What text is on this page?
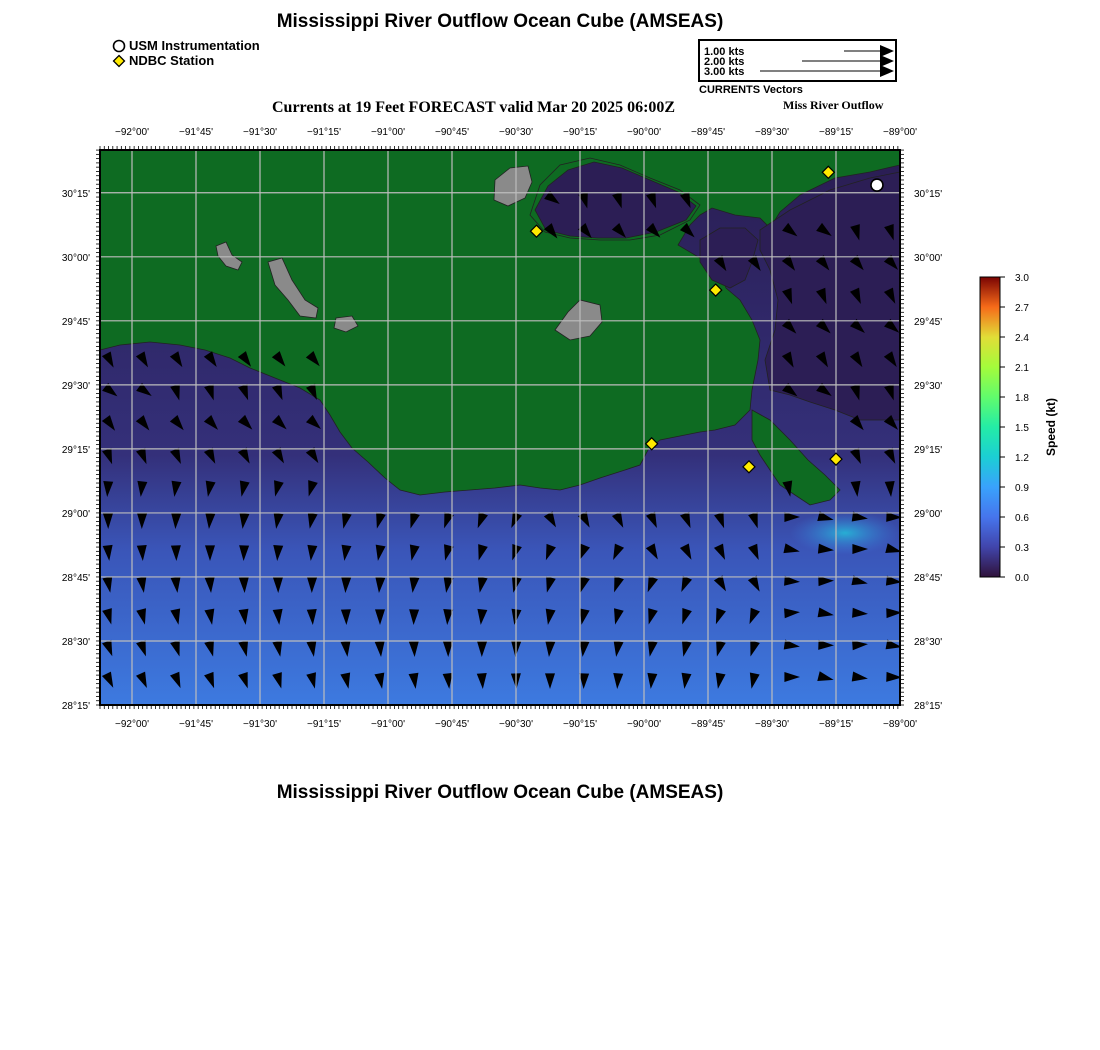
Mississippi River Outflow Ocean Cube (AMSEAS)
USM Instrumentation
NDBC Station
1.00 kts
2.00 kts
3.00 kts
CURRENTS Vectors
Currents at 19 Feet FORECAST valid Mar 20 2025 06:00Z	Miss River Outflow
−92°00'
−92°00'
−91°45'
−91°45'
−91°30'
−91°30'
−91°15'
−91°15'
−91°00'
−91°00'
−90°45'
−90°45'
−90°30'
−90°30'
−90°15'
−90°15'
−90°00'
−90°00'
−89°45'
−89°45'
−89°30'
−89°30'
−89°15'
−89°15'
−89°00'
−89°00'
28°15'	28°15'
28°30'	28°30'
28°45'	28°45'
29°00'	29°00'
29°15'	29°15'
29°30'	29°30'
29°45'	29°45'
30°00'	30°00'
30°15'	30°15'
0.0
0.3
0.6
0.9
1.2
1.5
1.8
2.1
2.4
2.7
3.0
Speed (kt)
Mississippi River Outflow Ocean Cube (AMSEAS)
